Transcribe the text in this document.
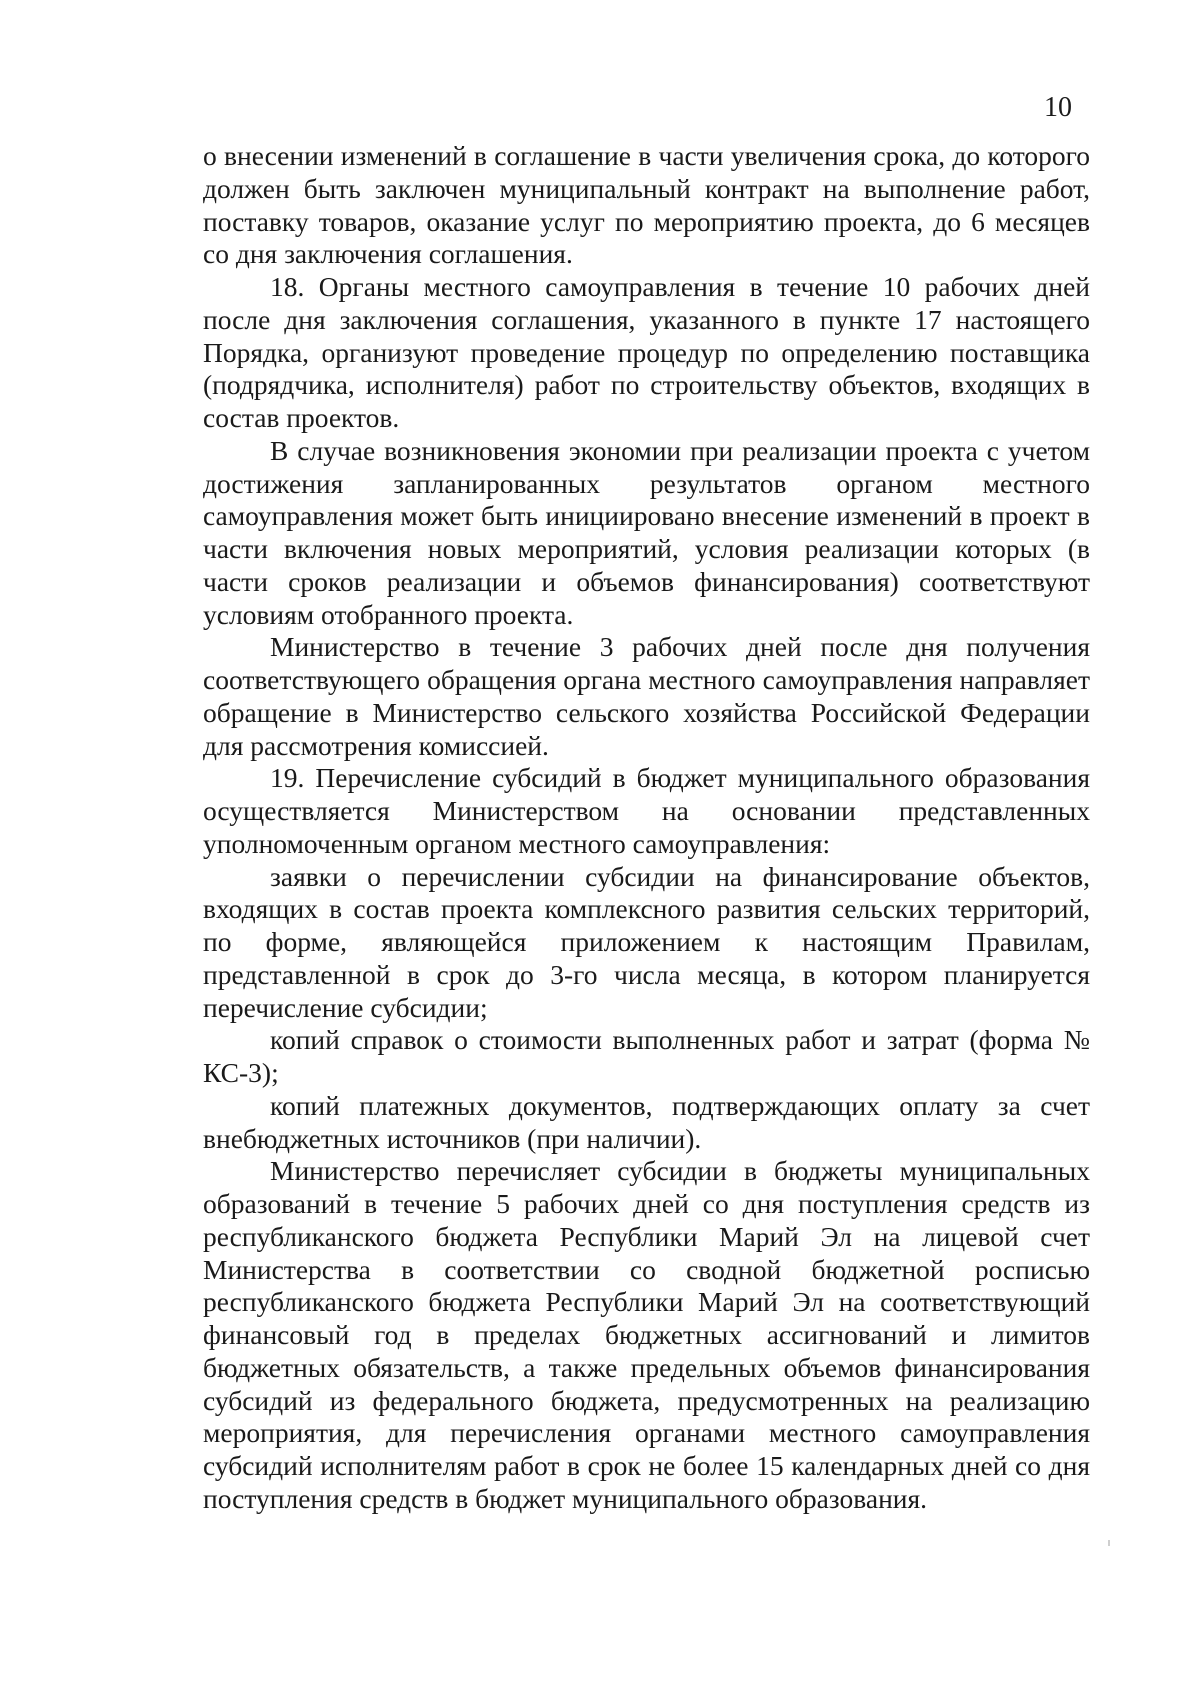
10

о внесении изменений в соглашение в части увеличения срока, до которого должен быть заключен муниципальный контракт на выполнение работ, поставку товаров, оказание услуг по мероприятию проекта, до 6 месяцев со дня заключения соглашения.

18. Органы местного самоуправления в течение 10 рабочих дней после дня заключения соглашения, указанного в пункте 17 настоящего Порядка, организуют проведение процедур по определению поставщика (подрядчика, исполнителя) работ по строительству объектов, входящих в состав проектов.

В случае возникновения экономии при реализации проекта с учетом достижения запланированных результатов органом местного самоуправления может быть инициировано внесение изменений в проект в части включения новых мероприятий, условия реализации которых (в части сроков реализации и объемов финансирования) соответствуют условиям отобранного проекта.

Министерство в течение 3 рабочих дней после дня получения соответствующего обращения органа местного самоуправления направляет обращение в Министерство сельского хозяйства Российской Федерации для рассмотрения комиссией.

19. Перечисление субсидий в бюджет муниципального образования осуществляется Министерством на основании представленных уполномоченным органом местного самоуправления:

заявки о перечислении субсидии на финансирование объектов, входящих в состав проекта комплексного развития сельских территорий, по форме, являющейся приложением к настоящим Правилам, представленной в срок до 3-го числа месяца, в котором планируется перечисление субсидии;

копий справок о стоимости выполненных работ и затрат (форма № КС-3);

копий платежных документов, подтверждающих оплату за счет внебюджетных источников (при наличии).

Министерство перечисляет субсидии в бюджеты муниципальных образований в течение 5 рабочих дней со дня поступления средств из республиканского бюджета Республики Марий Эл на лицевой счет Министерства в соответствии со сводной бюджетной росписью республиканского бюджета Республики Марий Эл на соответствующий финансовый год в пределах бюджетных ассигнований и лимитов бюджетных обязательств, а также предельных объемов финансирования субсидий из федерального бюджета, предусмотренных на реализацию мероприятия, для перечисления органами местного самоуправления субсидий исполнителям работ в срок не более 15 календарных дней со дня поступления средств в бюджет муниципального образования.
